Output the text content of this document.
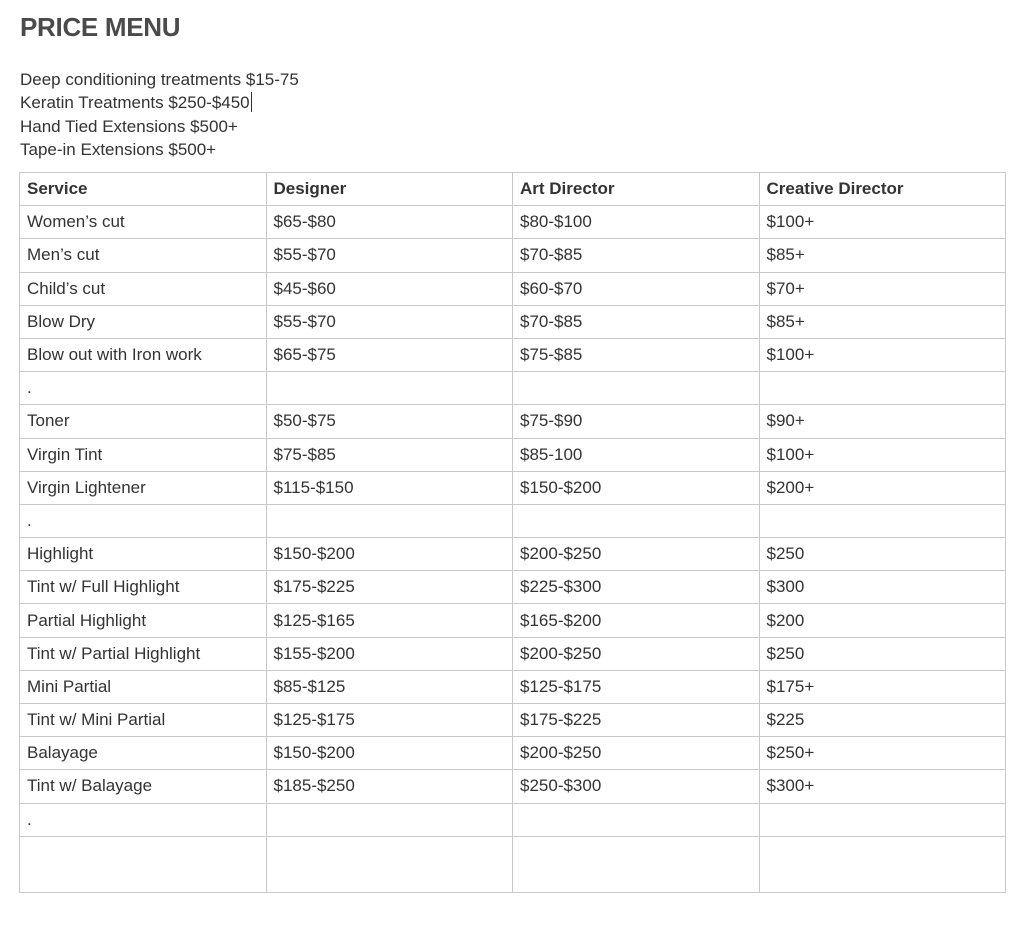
PRICE MENU
Deep conditioning treatments $15-75
Keratin Treatments $250-$450
Hand Tied Extensions $500+
Tape-in Extensions $500+
Service	Designer	Art Director	Creative Director
Women’s cut	$65-$80	$80-$100	$100+
Men’s cut	$55-$70	$70-$85	$85+
Child’s cut	$45-$60	$60-$70	$70+
Blow Dry	$55-$70	$70-$85	$85+
Blow out with Iron work	$65-$75	$75-$85	$100+
.			
Toner	$50-$75	$75-$90	$90+
Virgin Tint	$75-$85	$85-100	$100+
Virgin Lightener	$115-$150	$150-$200	$200+
.			
Highlight	$150-$200	$200-$250	$250
Tint w/ Full Highlight	$175-$225	$225-$300	$300
Partial Highlight	$125-$165	$165-$200	$200
Tint w/ Partial Highlight	$155-$200	$200-$250	$250
Mini Partial	$85-$125	$125-$175	$175+
Tint w/ Mini Partial	$125-$175	$175-$225	$225
Balayage	$150-$200	$200-$250	$250+
Tint w/ Balayage	$185-$250	$250-$300	$300+
.			
